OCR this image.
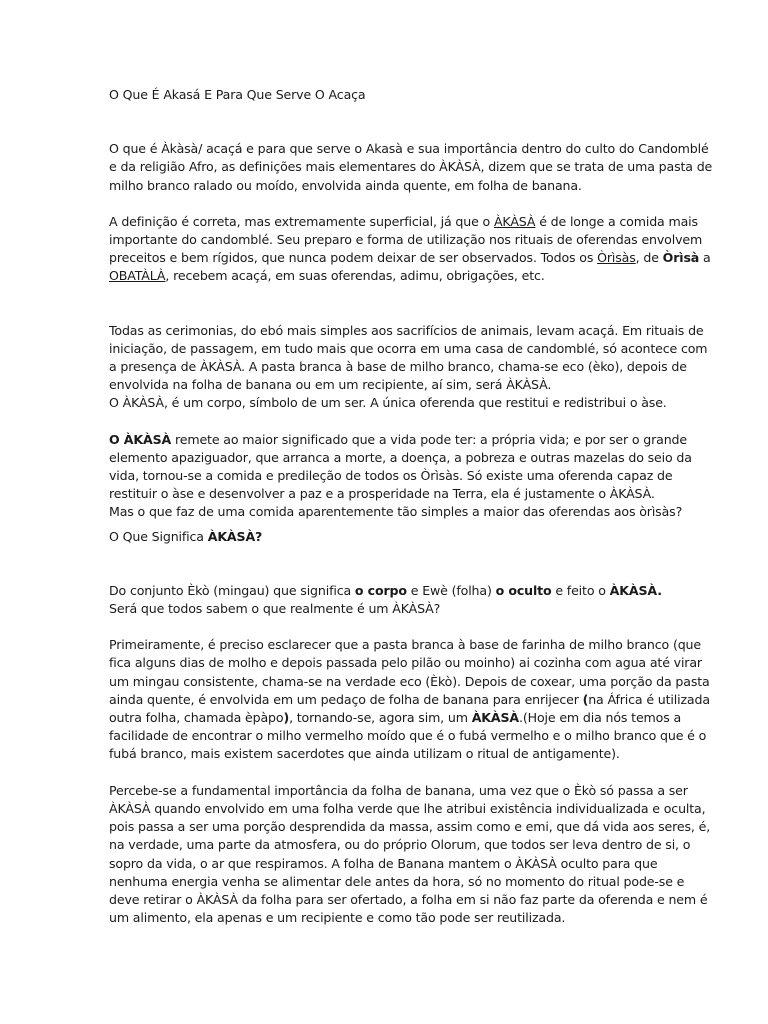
O Que É Akasá E Para Que Serve O Acaça

O que é Àkàsà/ acaçá e para que serve o Akasà e sua importância dentro do culto do Candomblé e da religião Afro, as definições mais elementares do ÀKÀSÀ, dizem que se trata de uma pasta de milho branco ralado ou moído, envolvida ainda quente, em folha de banana.

A definição é correta, mas extremamente superficial, já que o ÀKÀSÀ é de longe a comida mais importante do candomblé. Seu preparo e forma de utilização nos rituais de oferendas envolvem preceitos e bem rígidos, que nunca podem deixar de ser observados. Todos os Òrìsàs, de Òrìsà a OBATÀLÀ, recebem acaçá, em suas oferendas, adimu, obrigações, etc.

Todas as cerimonias, do ebó mais simples aos sacrifícios de animais, levam acaçá. Em rituais de iniciação, de passagem, em tudo mais que ocorra em uma casa de candomblé, só acontece com a presença de ÀKÀSÀ. A pasta branca à base de milho branco, chama-se eco (èko), depois de envolvida na folha de banana ou em um recipiente, aí sim, será ÀKÀSÀ.

O ÀKÀSÀ, é um corpo, símbolo de um ser. A única oferenda que restitui e redistribui o àse.

O ÀKÀSÀ remete ao maior significado que a vida pode ter: a própria vida; e por ser o grande elemento apaziguador, que arranca a morte, a doença, a pobreza e outras mazelas do seio da vida, tornou-se a comida e predileção de todos os Òrìsàs. Só existe uma oferenda capaz de restituir o àse e desenvolver a paz e a prosperidade na Terra, ela é justamente o ÀKÀSÀ.

Mas o que faz de uma comida aparentemente tão simples a maior das oferendas aos òrìsàs?

O Que Significa ÀKÀSÀ?

Do conjunto Èkò (mingau) que significa o corpo e Ewè (folha) o oculto e feito o ÀKÀSÀ.

Será que todos sabem o que realmente é um ÀKÀSÀ?

Primeiramente, é preciso esclarecer que a pasta branca à base de farinha de milho branco (que fica alguns dias de molho e depois passada pelo pilão ou moinho) ai cozinha com agua até virar um mingau consistente, chama-se na verdade eco (Èkò). Depois de coxear, uma porção da pasta ainda quente, é envolvida em um pedaço de folha de banana para enrijecer (na África é utilizada outra folha, chamada èpàpo), tornando-se, agora sim, um ÀKÀSÀ.(Hoje em dia nós temos a facilidade de encontrar o milho vermelho moído que é o fubá vermelho e o milho branco que é o fubá branco, mais existem sacerdotes que ainda utilizam o ritual de antigamente).

Percebe-se a fundamental importância da folha de banana, uma vez que o Èkò só passa a ser ÀKÀSÀ quando envolvido em uma folha verde que lhe atribui existência individualizada e oculta, pois passa a ser uma porção desprendida da massa, assim como e emi, que dá vida aos seres, é, na verdade, uma parte da atmosfera, ou do próprio Olorum, que todos ser leva dentro de si, o sopro da vida, o ar que respiramos. A folha de Banana mantem o ÀKÀSÀ oculto para que nenhuma energia venha se alimentar dele antes da hora, só no momento do ritual pode-se e deve retirar o ÀKÀSÀ da folha para ser ofertado, a folha em si não faz parte da oferenda e nem é um alimento, ela apenas e um recipiente e como tão pode ser reutilizada.
